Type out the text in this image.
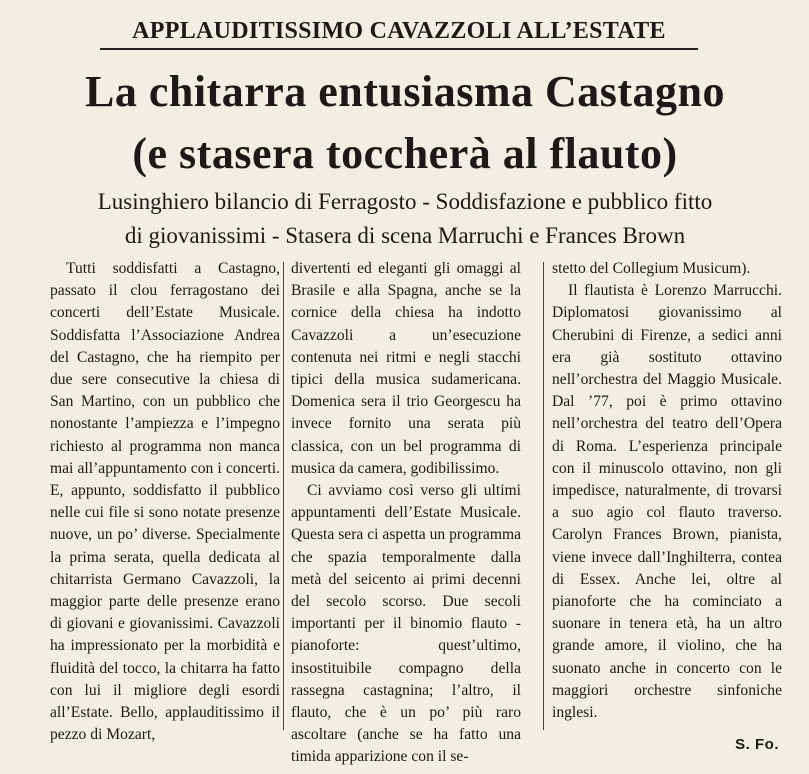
APPLAUDITISSIMO CAVAZZOLI ALL’ESTATE
La chitarra entusiasma Castagno
(e stasera toccherà al flauto)
Lusinghiero bilancio di Ferragosto - Soddisfazione e pubblico fitto
di giovanissimi - Stasera di scena Marruchi e Frances Brown

Tutti soddisfatti a Castagno, passato il clou ferragostano dei concerti dell’Estate Musicale. Soddisfatta l’Associazione Andrea del Castagno, che ha riempito per due sere consecutive la chiesa di San Martino, con un pubblico che nonostante l’ampiezza e l’impegno richiesto al programma non manca mai all’appuntamento con i concerti. E, appunto, soddisfatto il pubblico nelle cui file si sono notate presenze nuove, un po’ diverse. Specialmente la prima serata, quella dedicata al chitarrista Germano Cavazzoli, la maggior parte delle presenze erano di giovani e giovanissimi. Cavazzoli ha impressionato per la morbidità e fluidità del tocco, la chitarra ha fatto con lui il migliore degli esordi all’Estate. Bello, applauditissimo il pezzo di Mozart,

divertenti ed eleganti gli omaggi al Brasile e alla Spagna, anche se la cornice della chiesa ha indotto Cavazzoli a un’esecuzione contenuta nei ritmi e negli stacchi tipici della musica sudamericana. Domenica sera il trio Georgescu ha invece fornito una serata più classica, con un bel programma di musica da camera, godibilissimo.

Ci avviamo così verso gli ultimi appuntamenti dell’Estate Musicale. Questa sera ci aspetta un programma che spazia temporalmente dalla metà del seicento ai primi decenni del secolo scorso. Due secoli importanti per il binomio flauto - pianoforte: quest’ultimo, insostituibile compagno della rassegna castagnina; l’altro, il flauto, che è un po’ più raro ascoltare (anche se ha fatto una timida apparizione con il se-

stetto del Collegium Musicum).

Il flautista è Lorenzo Marrucchi. Diplomatosi giovanissimo al Cherubini di Firenze, a sedici anni era già sostituto ottavino nell’orchestra del Maggio Musicale. Dal ’77, poi è primo ottavino nell’orchestra del teatro dell’Opera di Roma. L’esperienza principale con il minuscolo ottavino, non gli impedisce, naturalmente, di trovarsi a suo agio col flauto traverso. Carolyn Frances Brown, pianista, viene invece dall’Inghilterra, contea di Essex. Anche lei, oltre al pianoforte che ha cominciato a suonare in tenera età, ha un altro grande amore, il violino, che ha suonato anche in concerto con le maggiori orchestre sinfoniche inglesi.

S. Fo.
